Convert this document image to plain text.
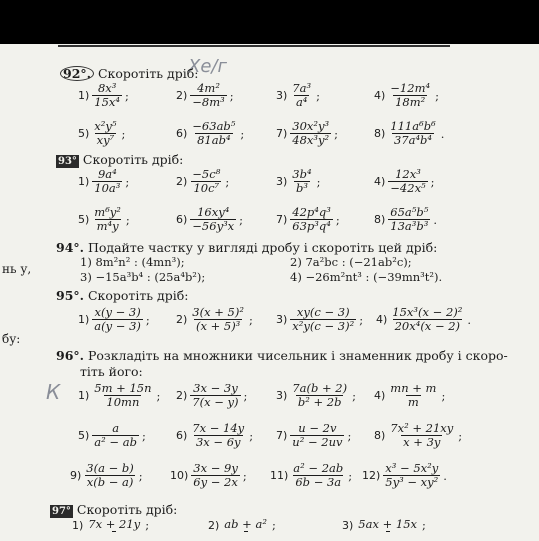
нь у,
бу:
Хе/г
К
92°. Скоротіть дріб:
$1) \frac{\text{8x³}}{\text{15x⁴}}$ ;	$2) \frac{\text{4m²}}{\text{−8m³}}$ ;	$3) \frac{\text{7a³}}{\text{a⁴}}$ ;	$4) \frac{\text{−12m⁴}}{\text{18m²}}$ ;
$5) \frac{\text{x²y⁵}}{\text{xy⁷}}$ ;	$6) \frac{\text{−63ab⁵}}{\text{81ab⁴}}$ ;	$7) \frac{\text{30x²y³}}{\text{48x³y²}}$ ;	$8) \frac{\text{111a⁶b⁶}}{\text{37a⁴b⁴}}$ .
93° Скоротіть дріб:
$1) \frac{\text{9a⁴}}{\text{10a³}}$ ;	$2) \frac{\text{−5c⁸}}{\text{10c⁷}}$ ;	$3) \frac{\text{3b⁴}}{\text{b³}}$ ;	$4) \frac{\text{12x³}}{\text{−42x⁵}}$ ;
$5) \frac{\text{m⁶y²}}{\text{m⁴y}}$ ;	$6) \frac{\text{16xy⁴}}{\text{−56y³x}}$ ;	$7) \frac{\text{42p⁴q³}}{\text{63p³q⁴}}$ ;	$8) \frac{\text{65a⁵b⁵}}{\text{13a³b³}}$ .
94°. Подайте частку у вигляді дробу і скоротіть цей дріб:
1) 8m²n² : (4mn³);	2) 7a²bc : (−21ab²c);
3) −15a³b⁴ : (25a⁴b²);	4) −26m²nt³ : (−39mn³t²).
95°. Скоротіть дріб:
$1) \frac{x(y - 3)}{a(y - 3)}$ ; $2) \frac{\text{3(x + 5)²}}{\text{(x + 5)³}}$ ; $3) \frac{xy(c - 3)}{\text{x²y(c − 3)²}}$ ; $4) \frac{\text{15x³(x − 2)²}}{\text{20x⁴(x − 2)}}$ .
96°. Розкладіть на множники чисельник і знаменник дробу і скоро-
тіть його:
$1) \frac{5m + 15n}{10mn}$ ; $2) \frac{3x - 3y}{7(x - y)}$ ;	$3) \frac{7a(b + 2)}{\text{b² + 2b}}$ ; $4) \frac{mn + m}{m}$ ;
$5) \frac{a}{\text{a² − ab}}$ ;	$6) \frac{7x - 14y}{3x - 6y}$ ; $7) \frac{u - 2v}{\text{u² − 2uv}}$ ; $8) \frac{\text{7x² + 21xy}}{x + 3y}$ ;
$9) \frac{3(a - b)}{x(b - a)}$ ; $10) \frac{3x - 9y}{6y - 2x}$ ; $11) \frac{\text{a² − 2ab}}{6b - 3a}$ ; $12) \frac{\text{x³ − 5x²y}}{\text{5y³ − xy²}}$ .
97° Скоротіть дріб:
1) 7x + 21y ;	2) ab + a² ;	3) 5ax + 15x ;
